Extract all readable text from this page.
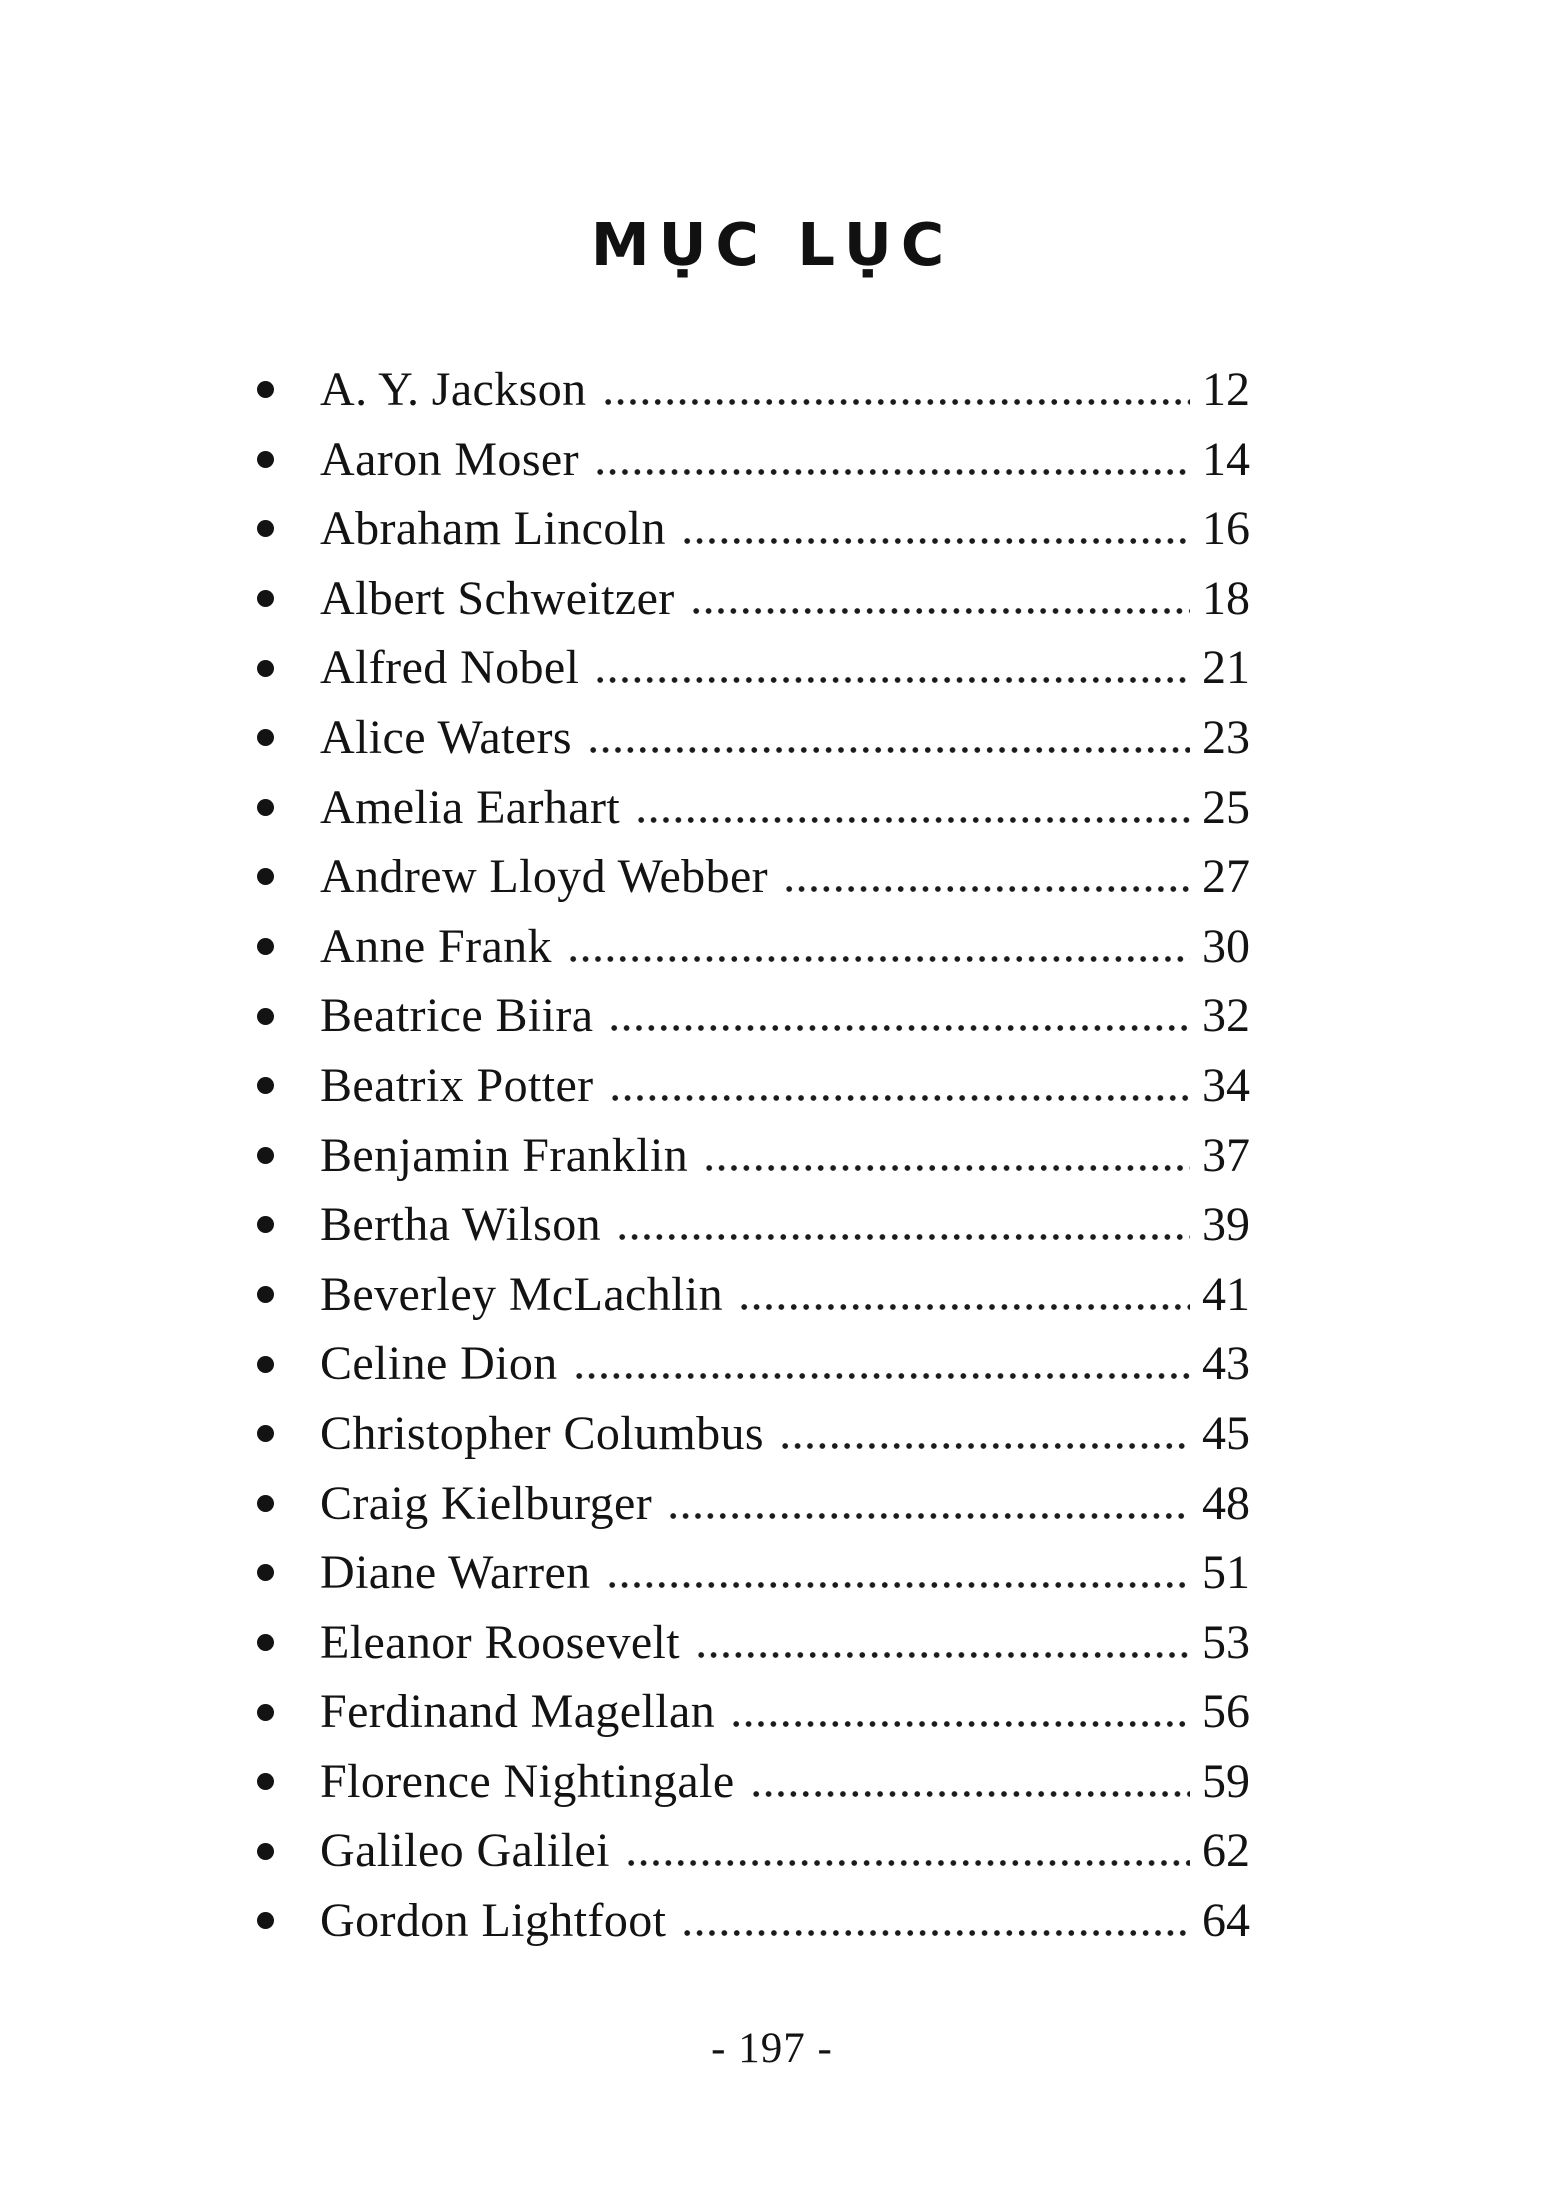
MỤC LỤC
A. Y. Jackson	12
Aaron Moser	14
Abraham Lincoln	16
Albert Schweitzer	18
Alfred Nobel	21
Alice Waters	23
Amelia Earhart	25
Andrew Lloyd Webber	27
Anne Frank	30
Beatrice Biira	32
Beatrix Potter	34
Benjamin Franklin	37
Bertha Wilson	39
Beverley McLachlin	41
Celine Dion	43
Christopher Columbus	45
Craig Kielburger	48
Diane Warren	51
Eleanor Roosevelt	53
Ferdinand Magellan	56
Florence Nightingale	59
Galileo Galilei	62
Gordon Lightfoot	64
- 197 -
